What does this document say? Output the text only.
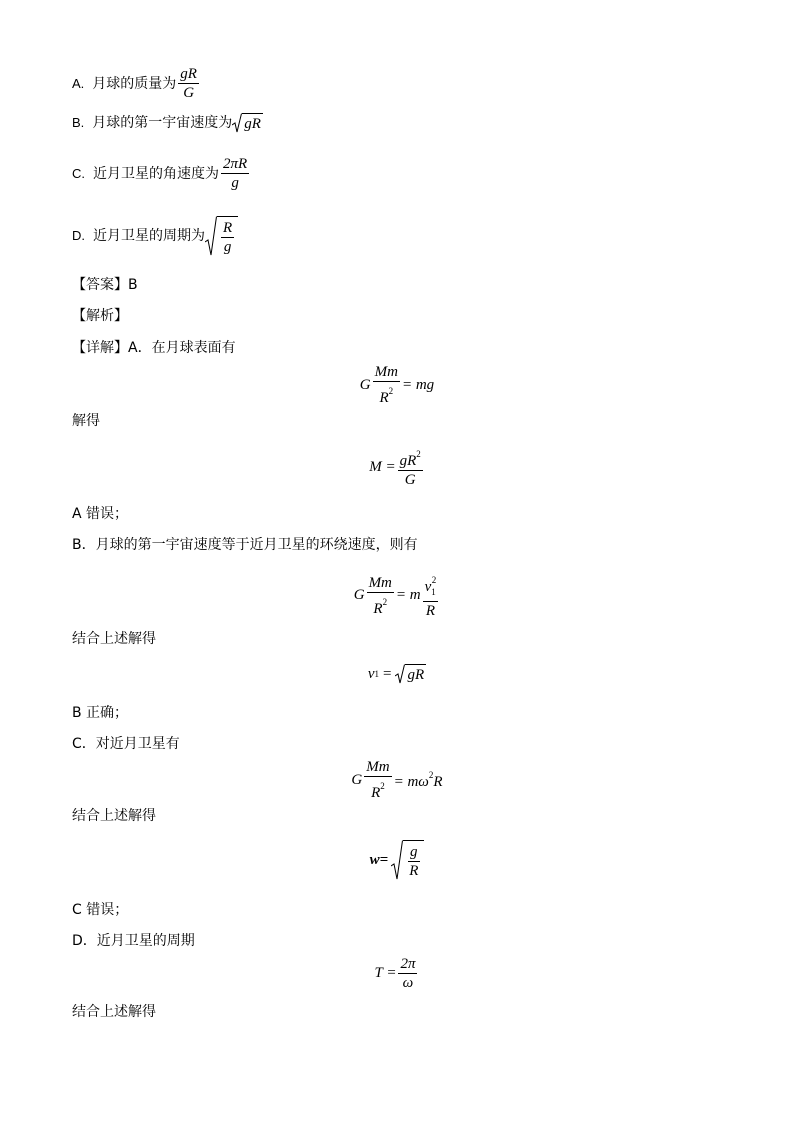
A. 月球的质量为 $\frac{gR}{G}$
B. 月球的第一宇宙速度为 gR
C. 近月卫星的角速度为 $\frac{2\pi R}{g}$
D. 近月卫星的周期为 $\frac{R}{g}$
【答案】B
【解析】
【详解】A．在月球表面有
G $\frac{Mm}{R^2}$ = mg
解得
$M = \frac{gR^2}{G}$
A 错误；
B．月球的第一宇宙速度等于近月卫星的环绕速度，则有
G $\frac{Mm}{R^2} = m \frac{v_1^2}{R}$
结合上述解得
v 1 = gR
B 正确；
C．对近月卫星有
G $\frac{Mm}{R^2} = m\omega^2R$
结合上述解得
$w= \frac{g}{R}$
C 错误；
D．近月卫星的周期
$T = \frac{2\pi}{\omega}$
结合上述解得
